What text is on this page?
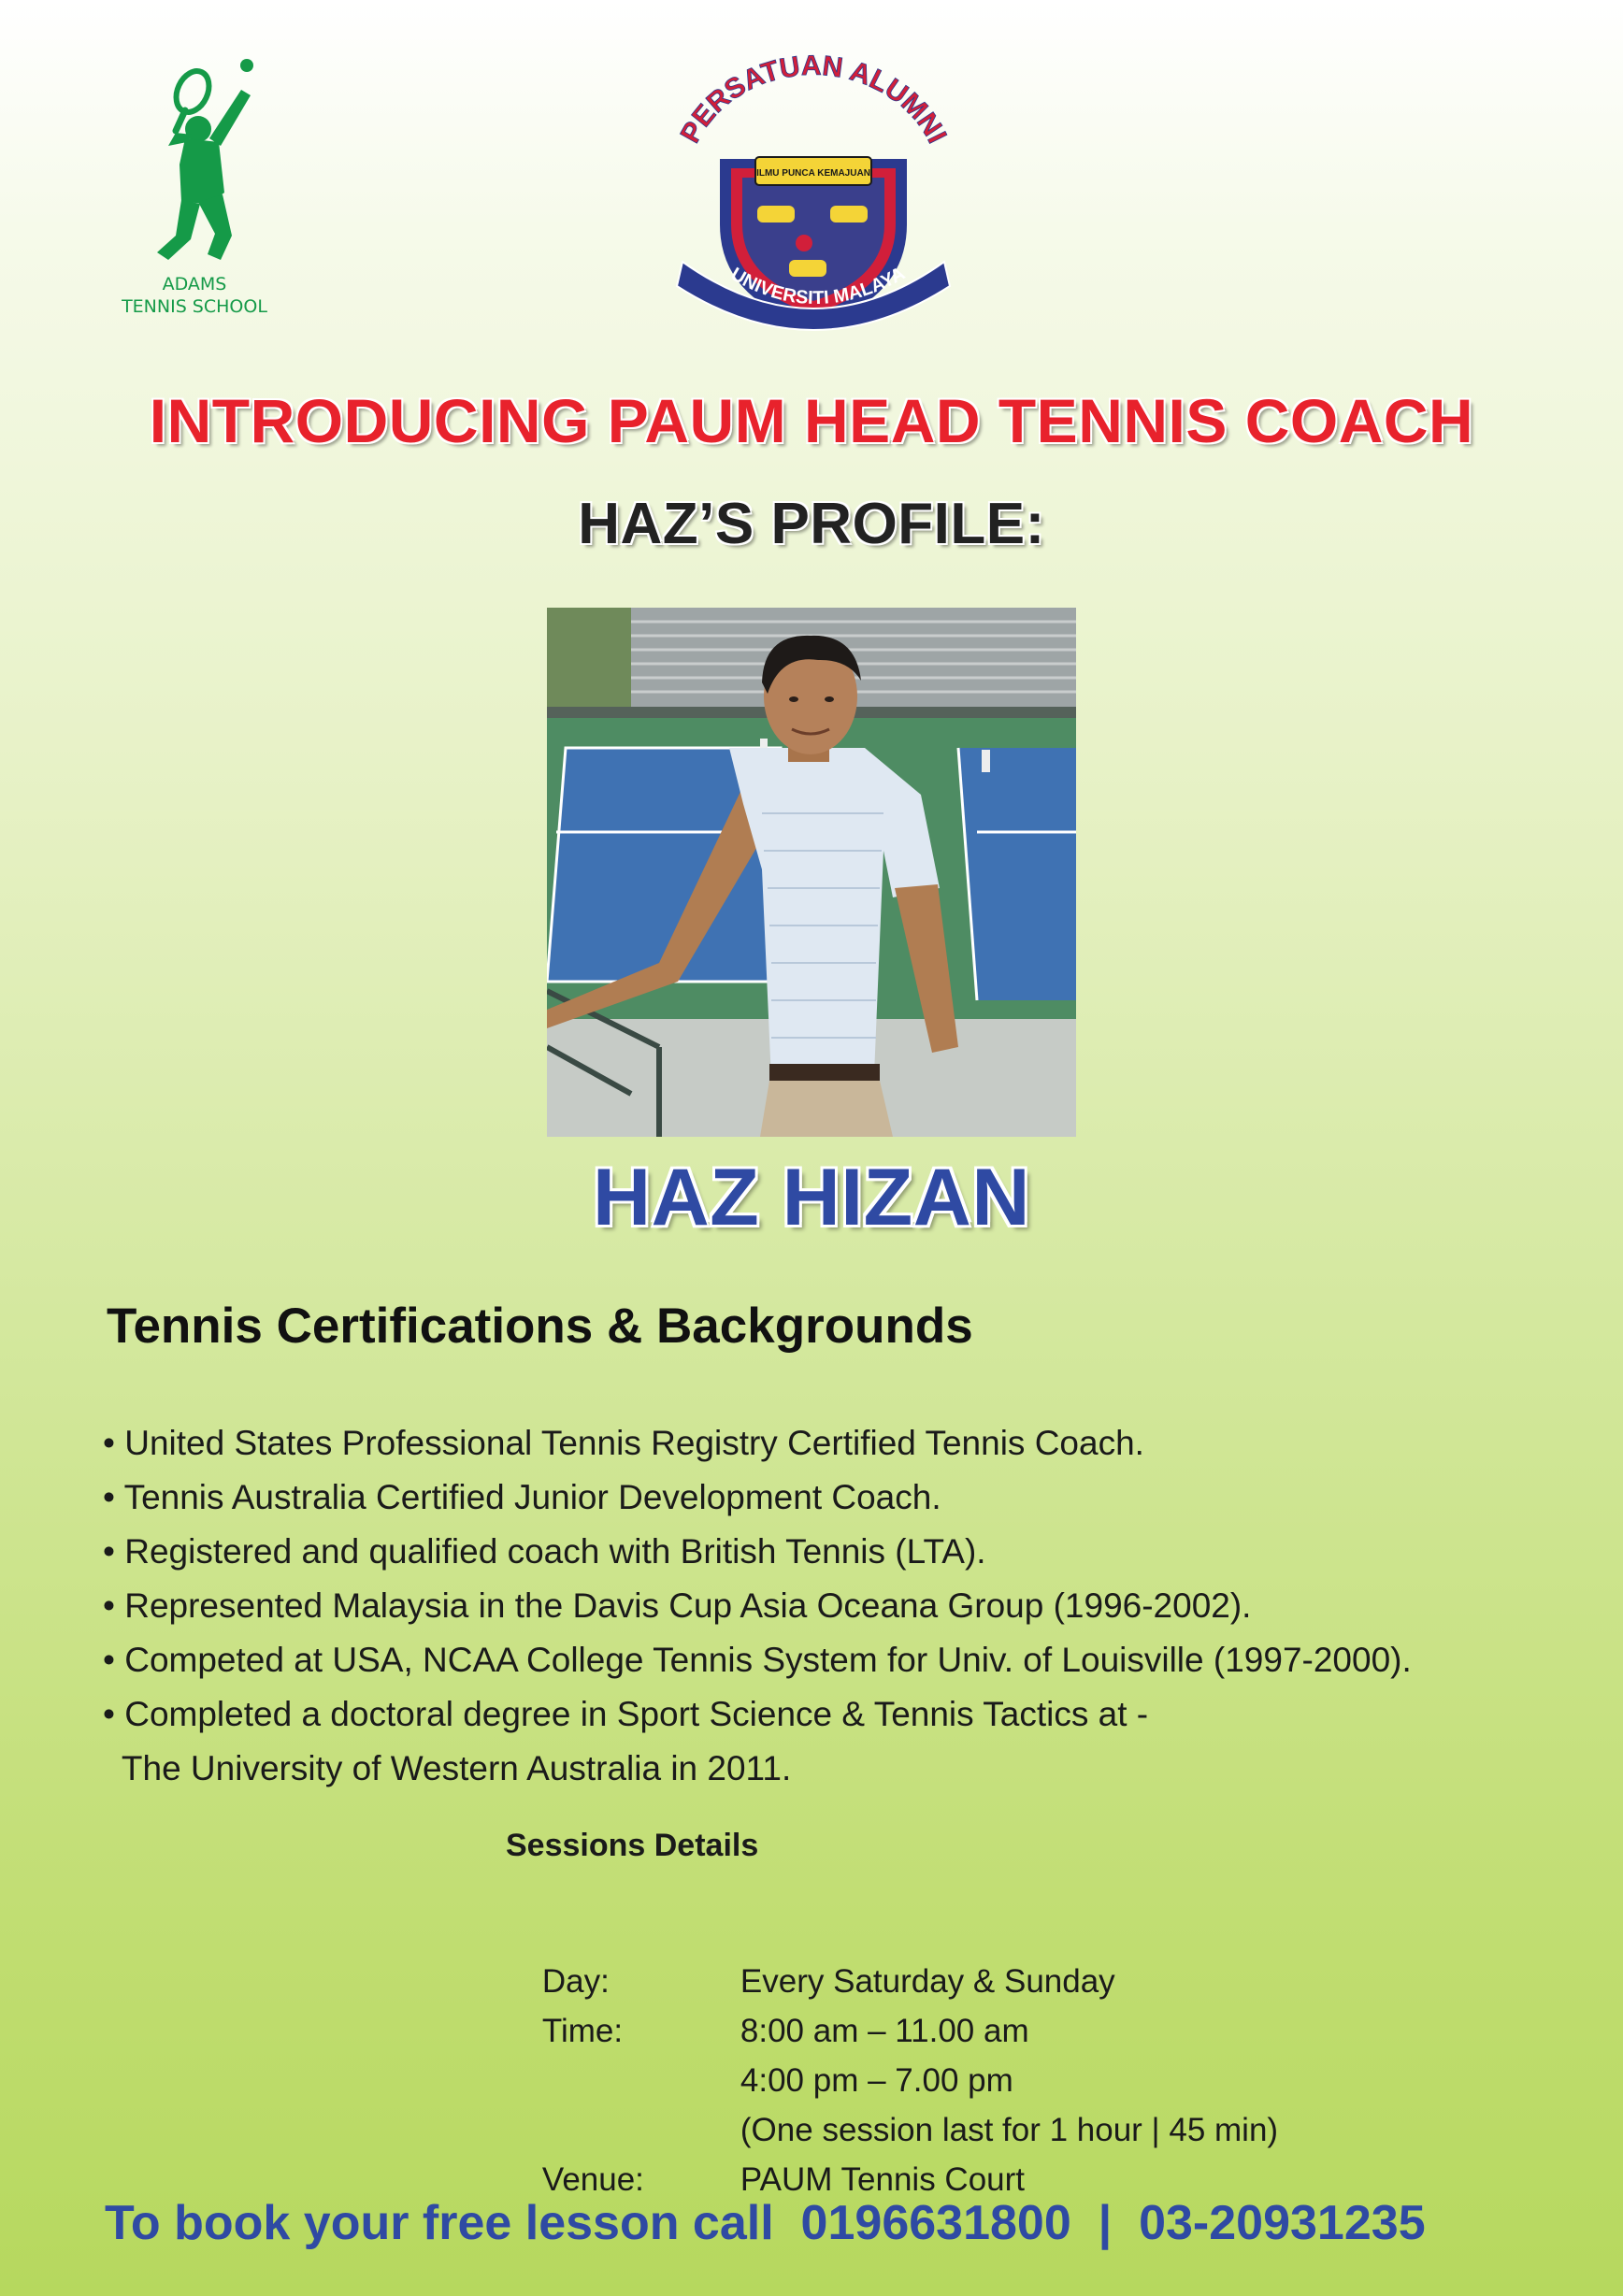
ADAMS
TENNIS SCHOOL
PERSATUAN ALUMNI
ILMU PUNCA KEMAJUAN
UNIVERSITI MALAYA
INTRODUCING PAUM HEAD TENNIS COACH
HAZ’S PROFILE:
HAZ HIZAN
Tennis Certifications & Backgrounds
• United States Professional Tennis Registry Certified Tennis Coach.
• Tennis Australia Certified Junior Development Coach.
• Registered and qualified coach with British Tennis (LTA).
• Represented Malaysia in the Davis Cup Asia Oceana Group (1996-2002).
• Competed at USA, NCAA College Tennis System for Univ. of Louisville (1997-2000).
• Completed a doctoral degree in Sport Science & Tennis Tactics at -
The University of Western Australia in 2011.
Sessions Details

Day:	Every Saturday & Sunday

Time:	8:00 am – 11.00 am

4:00 pm – 7.00 pm

(One session last for 1 hour | 45 min)

Venue:	PAUM Tennis Court

To book your free lesson call  0196631800  |  03-20931235
